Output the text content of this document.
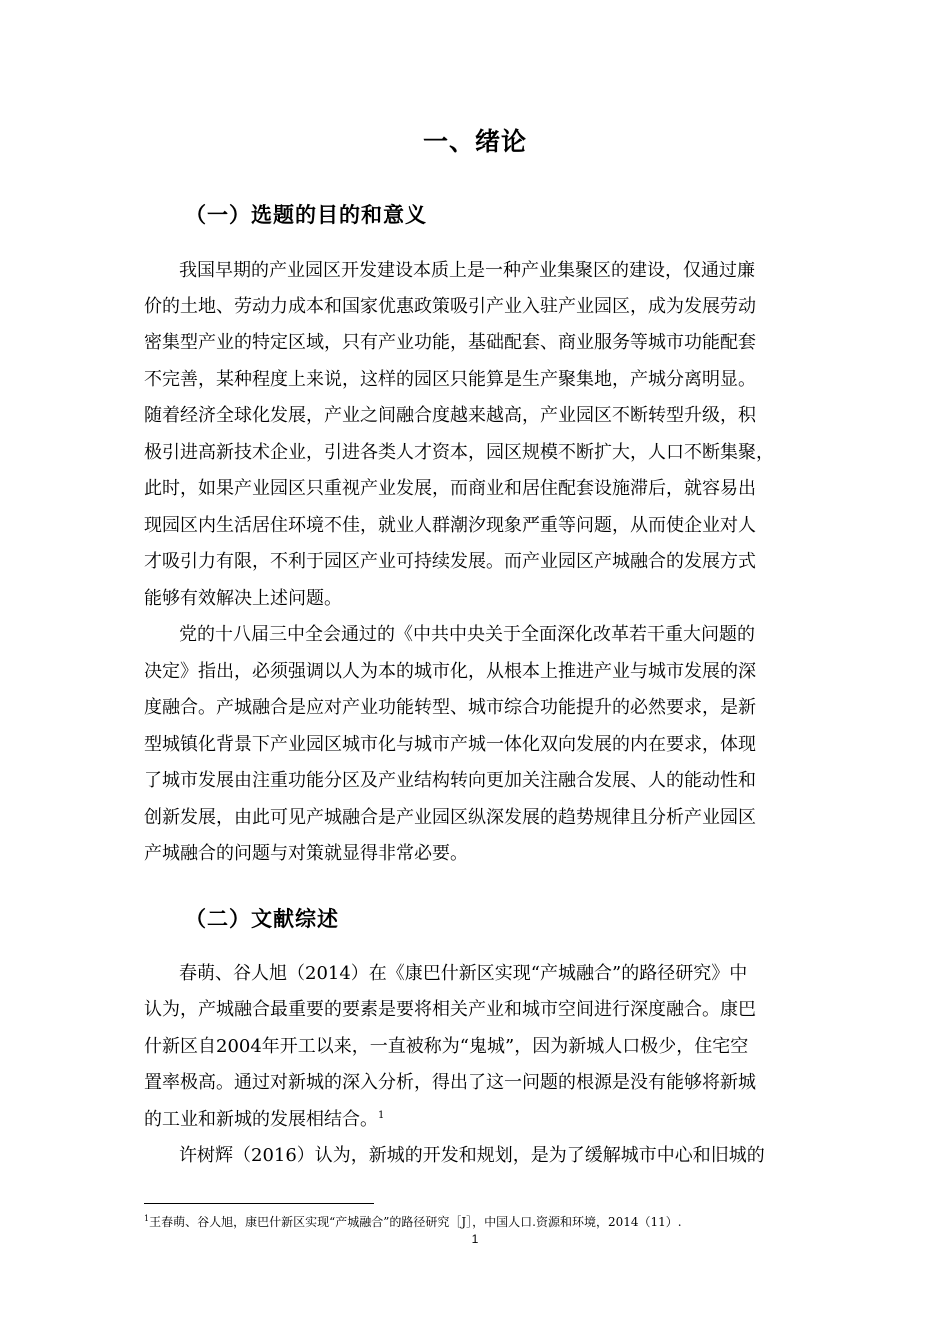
一、绪论
（一）选题的目的和意义
我国早期的产业园区开发建设本质上是一种产业集聚区的建设，仅通过廉
价的土地、劳动力成本和国家优惠政策吸引产业入驻产业园区，成为发展劳动
密集型产业的特定区域，只有产业功能，基础配套、商业服务等城市功能配套
不完善，某种程度上来说，这样的园区只能算是生产聚集地，产城分离明显。
随着经济全球化发展，产业之间融合度越来越高，产业园区不断转型升级，积
极引进高新技术企业，引进各类人才资本，园区规模不断扩大，人口不断集聚，
此时，如果产业园区只重视产业发展，而商业和居住配套设施滞后，就容易出
现园区内生活居住环境不佳，就业人群潮汐现象严重等问题，从而使企业对人
才吸引力有限，不利于园区产业可持续发展。而产业园区产城融合的发展方式
能够有效解决上述问题。
党的十八届三中全会通过的《中共中央关于全面深化改革若干重大问题的
决定》指出，必须强调以人为本的城市化，从根本上推进产业与城市发展的深
度融合。产城融合是应对产业功能转型、城市综合功能提升的必然要求，是新
型城镇化背景下产业园区城市化与城市产城一体化双向发展的内在要求，体现
了城市发展由注重功能分区及产业结构转向更加关注融合发展、人的能动性和
创新发展，由此可见产城融合是产业园区纵深发展的趋势规律且分析产业园区
产城融合的问题与对策就显得非常必要。
（二）文献综述
春萌、谷人旭（2014）在《康巴什新区实现“产城融合”的路径研究》中
认为，产城融合最重要的要素是要将相关产业和城市空间进行深度融合。康巴
什新区自2004年开工以来，一直被称为“鬼城”，因为新城人口极少，住宅空
置率极高。通过对新城的深入分析，得出了这一问题的根源是没有能够将新城
的工业和新城的发展相结合。$^1$
许树辉（2016）认为，新城的开发和规划，是为了缓解城市中心和旧城的
$^1$王春萌、谷人旭，康巴什新区实现“产城融合”的路径研究［J］，中国人口.资源和环境，2014（11）.
1
